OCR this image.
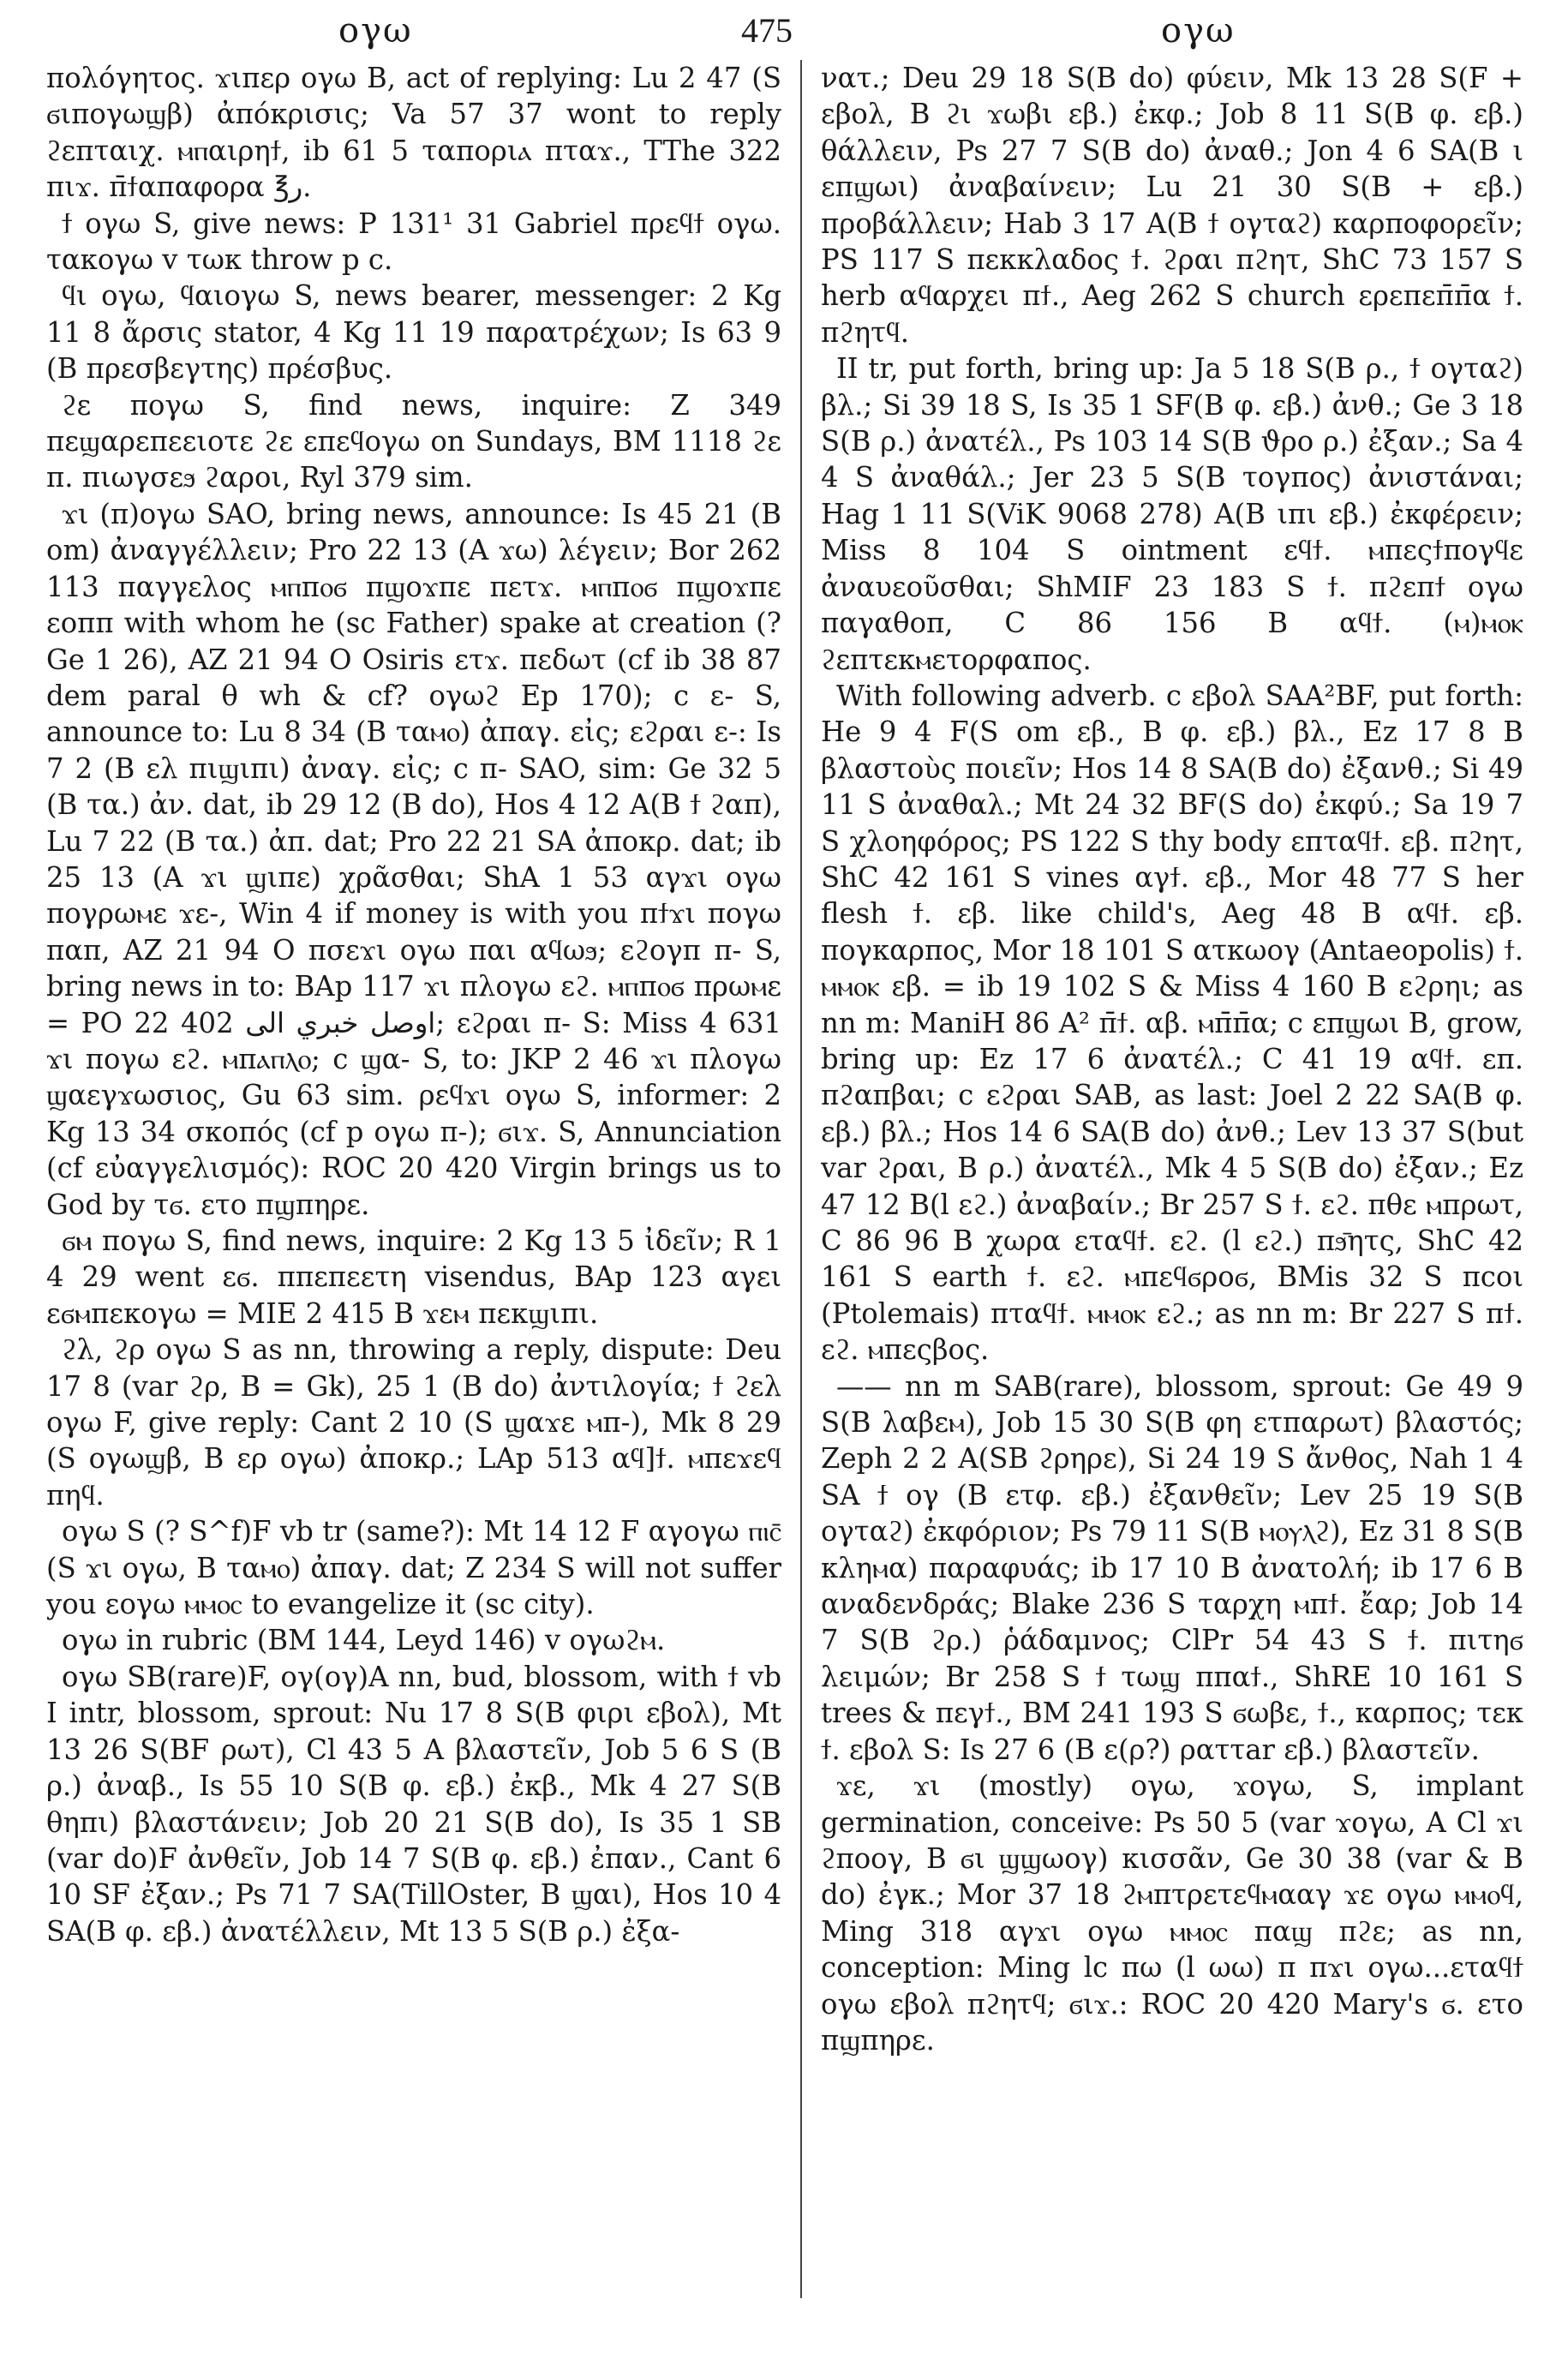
ογω	475	ογω

πολόγητος. ϫιπερ ογω B, act of replying: Lu 2 47 (S ϭιπογωϣβ) ἀπόκρισις; Va 57 37 wont to reply ϩεπταιχ. ⲙⲡαιρηϯ, ib 61 5 ταποριⲁ πταϫ., TThe 322 πιϫ. π̄ϯαπαφορα ℥ر.

ϯ ογω S, give news: P 131¹ 31 Gabriel πρεϥϯ ογω. τακογω v τωκ throw p c.

ϥι ογω, ϥαιογω S, news bearer, messenger: 2 Kg 11 8 ἄρσις stator, 4 Kg 11 19 παρατρέχων; Is 63 9 (B πρεσβεγτης) πρέσβυς.

ϩε πογω S, find news, inquire: Z 349 πεϣαρεπεειοτε ϩε επεϥογω on Sundays, BM 1118 ϩε π. πιωγσεϧ ϩαροι, Ryl 379 sim.

ϫι (π)ογω SAO, bring news, announce: Is 45 21 (B om) ἀναγγέλλειν; Pro 22 13 (A ϫω) λέγειν; Bor 262 113 παγγελος ⲙⲡπⲟϭ πϣοϫπε πετϫ. ⲙⲡπⲟϭ πϣοϫπε εοππ with whom he (sc Father) spake at creation (?Ge 1 26), AZ 21 94 O Osiris ετϫ. πεδωτ (cf ib 38 87 dem paral θ wh & cf? ογωϩ Ep 170); c ε- S, announce to: Lu 8 34 (B ταⲙⲟ) ἀπαγ. εἰς; εϩραι ε-: Is 7 2 (B ελ πιϣιπι) ἀναγ. εἰς; c π- SAO, sim: Ge 32 5 (B τα.) ἀν. dat, ib 29 12 (B do), Hos 4 12 A(B ϯ ϩαπ), Lu 7 22 (B τα.) ἀπ. dat; Pro 22 21 SA ἀποκρ. dat; ib 25 13 (A ϫι ϣιπε) χρᾶσθαι; ShA 1 53 αγϫι ογω πογρωⲙε ϫε-, Win 4 if money is with you πϯϫι πογω παπ, AZ 21 94 O πσεϫι ογω παι αϥωϧ; εϩογπ π- S, bring news in to: BAp 117 ϫι πλογω εϩ. ⲙⲡπⲟϭ πρωⲙε = PO 22 402 اوصل خبري الى; εϩραι π- S: Miss 4 631 ϫι πογω εϩ. ⲙπⲁⲡⲗⲟ; c ϣα- S, to: JKP 2 46 ϫι πλογω ϣαεγϫωσιος, Gu 63 sim. ρεϥϫι ογω S, informer: 2 Kg 13 34 σκοπός (cf p ογω π-); ϭιϫ. S, Annunciation (cf εὐαγγελισμός): ROC 20 420 Virgin brings us to God by τϭ. ετο πϣπηρε.

ϭⲙ πογω S, find news, inquire: 2 Kg 13 5 ἰδεῖν; R 1 4 29 went εϭ. ππεπεετη visendus, BAp 123 αγει εϭⲙπεκογω = MIE 2 415 B ϫεⲙ πεκϣιπι.

ϩλ, ϩρ ογω S as nn, throwing a reply, dispute: Deu 17 8 (var ϩρ, B = Gk), 25 1 (B do) ἀντιλογία; ϯ ϩελ ογω F, give reply: Cant 2 10 (S ϣαϫε ⲙπ-), Mk 8 29 (S ογωϣβ, B ερ ογω) ἀποκρ.; LAp 513 αϥ]ϯ. ⲙπεϫεϥ πηϥ.

ογω S (? S^f)F vb tr (same?): Mt 14 12 F αγογω ⲡⲓⲥ̄ (S ϫι ογω, B ταⲙⲟ) ἀπαγ. dat; Z 234 S will not suffer you εογω ⲙⲙⲟⲥ to evangelize it (sc city).

ογω in rubric (BM 144, Leyd 146) v ογωϩⲙ.

ογω SB(rare)F, ογ(ογ)A nn, bud, blossom, with ϯ vb I intr, blossom, sprout: Nu 17 8 S(B φιρι εβολ), Mt 13 26 S(BF ρωτ), Cl 43 5 A βλαστεῖν, Job 5 6 S (B ρ.) ἀναβ., Is 55 10 S(B φ. εβ.) ἐκβ., Mk 4 27 S(B θηπι) βλαστάνειν; Job 20 21 S(B do), Is 35 1 SB (var do)F ἀνθεῖν, Job 14 7 S(B φ. εβ.) ἐπαν., Cant 6 10 SF ἐξαν.; Ps 71 7 SA(TillOster, B ϣαι), Hos 10 4 SA(B φ. εβ.) ἀνατέλλειν, Mt 13 5 S(B ρ.) ἐξα-

νατ.; Deu 29 18 S(B do) φύειν, Mk 13 28 S(F + εβολ, B ϩι ϫωβι εβ.) ἐκφ.; Job 8 11 S(B φ. εβ.) θάλλειν, Ps 27 7 S(B do) ἀναθ.; Jon 4 6 SA(B ι επϣωι) ἀναβαίνειν; Lu 21 30 S(B + εβ.) προβάλλειν; Hab 3 17 A(B ϯ ογταϩ) καρποφορεῖν; PS 117 S πεκκλαδος ϯ. ϩραι πϩητ, ShC 73 157 S herb αϥαρχει πϯ., Aeg 262 S church ερεπεπ̄π̄α ϯ. πϩητϥ.

II tr, put forth, bring up: Ja 5 18 S(B ρ., ϯ ογταϩ) βλ.; Si 39 18 S, Is 35 1 SF(B φ. εβ.) ἀνθ.; Ge 3 18 S(B ρ.) ἀνατέλ., Ps 103 14 S(B ϑρο ρ.) ἐξαν.; Sa 4 4 S ἀναθάλ.; Jer 23 5 S(B τογπος) ἀνιστάναι; Hag 1 11 S(ViK 9068 278) A(B ιπι εβ.) ἐκφέρειν; Miss 8 104 S ointment εϥϯ. ⲙπεςϯπογϥε ἀναυεοῦσθαι; ShMIF 23 183 S ϯ. πϩεπϯ ογω παγαθοπ, C 86 156 B αϥϯ. (ⲙ)ⲙⲟⲕ ϩεπτεκⲙετορφαπος.

With following adverb. c εβολ SAA²BF, put forth: He 9 4 F(S om εβ., B φ. εβ.) βλ., Ez 17 8 B βλαστοὺς ποιεῖν; Hos 14 8 SA(B do) ἐξανθ.; Si 49 11 S ἀναθαλ.; Mt 24 32 BF(S do) ἐκφύ.; Sa 19 7 S χλοηφόρος; PS 122 S thy body επταϥϯ. εβ. πϩητ, ShC 42 161 S vines αγϯ. εβ., Mor 48 77 S her flesh ϯ. εβ. like child's, Aeg 48 B αϥϯ. εβ. πογκαρπος, Mor 18 101 S ατκωογ (Antaeopolis) ϯ. ⲙⲙⲟⲕ εβ. = ib 19 102 S & Miss 4 160 B εϩρηι; as nn m: ManiH 86 A² π̄ϯ. αβ. ⲙπ̄π̄α; c επϣωι B, grow, bring up: Ez 17 6 ἀνατέλ.; C 41 19 αϥϯ. επ. πϩαπβαι; c εϩραι SAB, as last: Joel 2 22 SA(B φ. εβ.) βλ.; Hos 14 6 SA(B do) ἀνθ.; Lev 13 37 S(but var ϩραι, B ρ.) ἀνατέλ., Mk 4 5 S(B do) ἐξαν.; Ez 47 12 B(l εϩ.) ἀναβαίν.; Br 257 S ϯ. εϩ. πθε ⲙπρωτ, C 86 96 B χωρα εταϥϯ. εϩ. (l εϩ.) πϧ̄ητς, ShC 42 161 S earth ϯ. εϩ. ⲙπεϥϭροϭ, BMis 32 S πcοι (Ptolemais) πταϥϯ. ⲙⲙⲟⲕ εϩ.; as nn m: Br 227 S πϯ. εϩ. ⲙπεςβος.

—— nn m SAB(rare), blossom, sprout: Ge 49 9 S(B λαβεⲙ), Job 15 30 S(B φη ετπαρωτ) βλαστός; Zeph 2 2 A(SB ϩρηρε), Si 24 19 S ἄνθος, Nah 1 4 SA ϯ ογ (B ετφ. εβ.) ἐξανθεῖν; Lev 25 19 S(B ογταϩ) ἐκφόριον; Ps 79 11 S(B ⲙⲟⲩⲗϩ), Ez 31 8 S(B κληⲙα) παραφυάς; ib 17 10 B ἀνατολή; ib 17 6 B αναδενδράς; Blake 236 S ταρχη ⲙπϯ. ἔαρ; Job 14 7 S(B ϩρ.) ῥάδαμνος; ClPr 54 43 S ϯ. πιτηϭ λειμών; Br 258 S ϯ τωϣ ππαϯ., ShRE 10 161 S trees & πεγϯ., BM 241 193 S ϭωβε, ϯ., καρπος; τεκ ϯ. εβολ S: Is 27 6 (B ε(ρ?) ραττar εβ.) βλαστεῖν.

ϫε, ϫι (mostly) ογω, ϫογω, S, implant germination, conceive: Ps 50 5 (var ϫογω, A Cl ϫι ϩποογ, B ϭι ϣϣωογ) κισσᾶν, Ge 30 38 (var & B do) ἐγκ.; Mor 37 18 ϩⲙπτρετεϥⲙααγ ϫε ογω ⲙⲙⲟϥ, Ming 318 αγϫι ογω ⲙⲙⲟⲥ παϣ πϩε; as nn, conception: Ming lc πω (l ωω) π πϫι ογω...εταϥϯ ογω εβολ πϩητϥ; ϭιϫ.: ROC 20 420 Mary's ϭ. ετο πϣπηρε.
